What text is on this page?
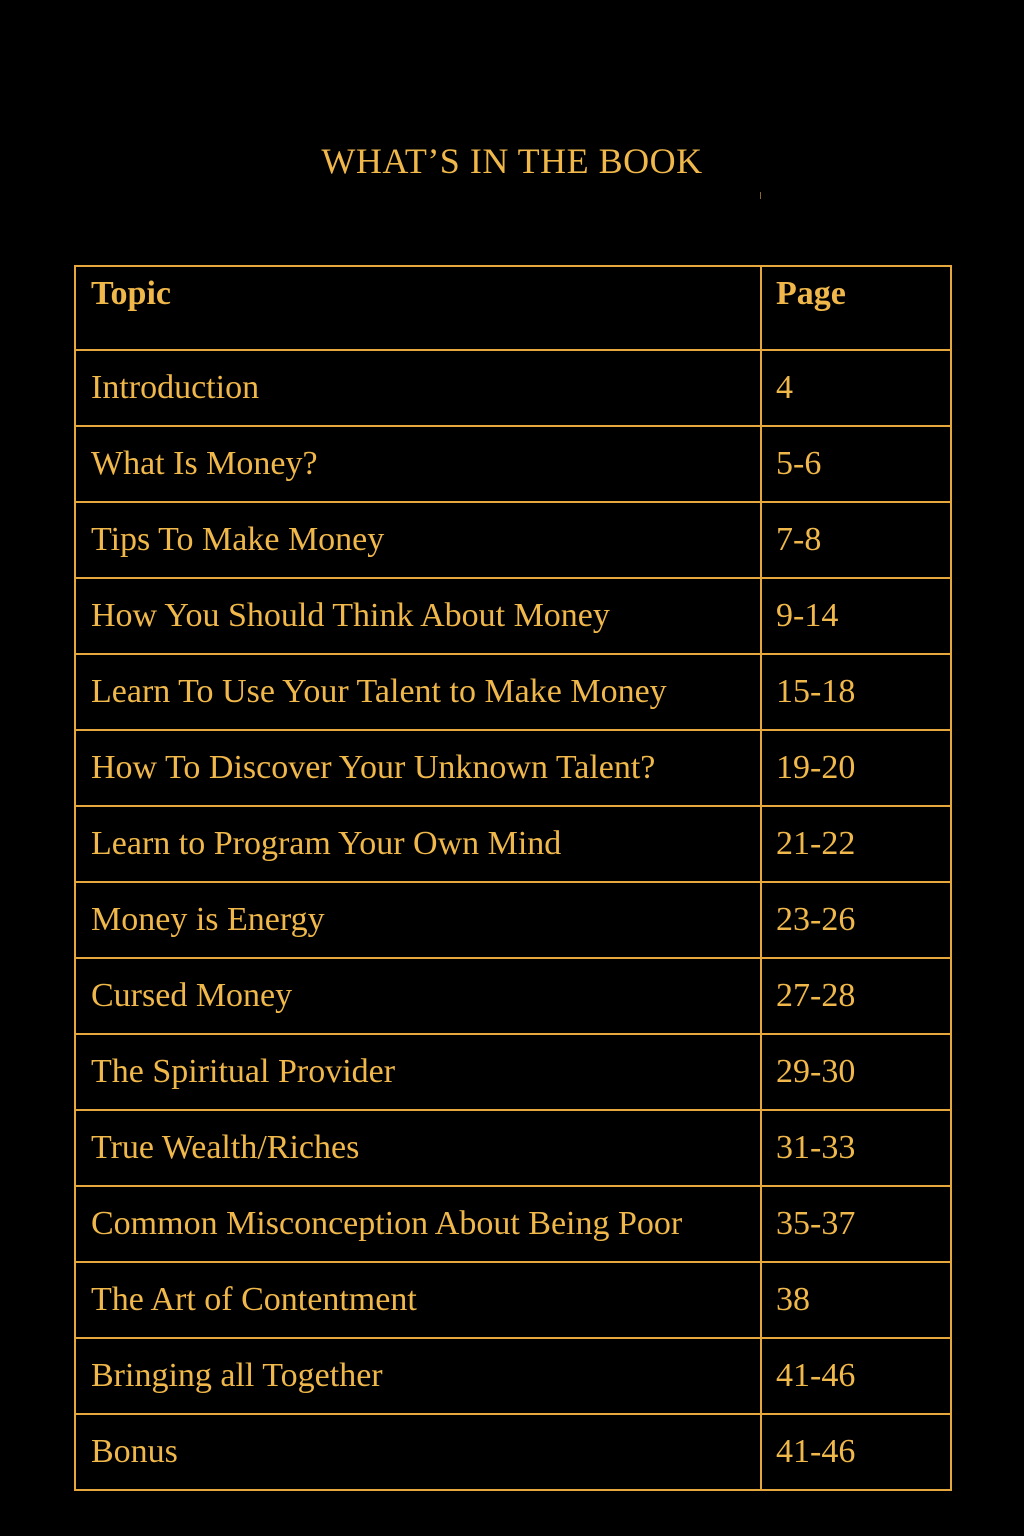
WHAT’S IN THE BOOK
Topic	Page
Introduction	4
What Is Money?	5-6
Tips To Make Money	7-8
How You Should Think About Money	9-14
Learn To Use Your Talent to Make Money	15-18
How To Discover Your Unknown Talent?	19-20
Learn to Program Your Own Mind	21-22
Money is Energy	23-26
Cursed Money	27-28
The Spiritual Provider	29-30
True Wealth/Riches	31-33
Common Misconception About Being Poor	35-37
The Art of Contentment	38
Bringing all Together	41-46
Bonus	41-46
